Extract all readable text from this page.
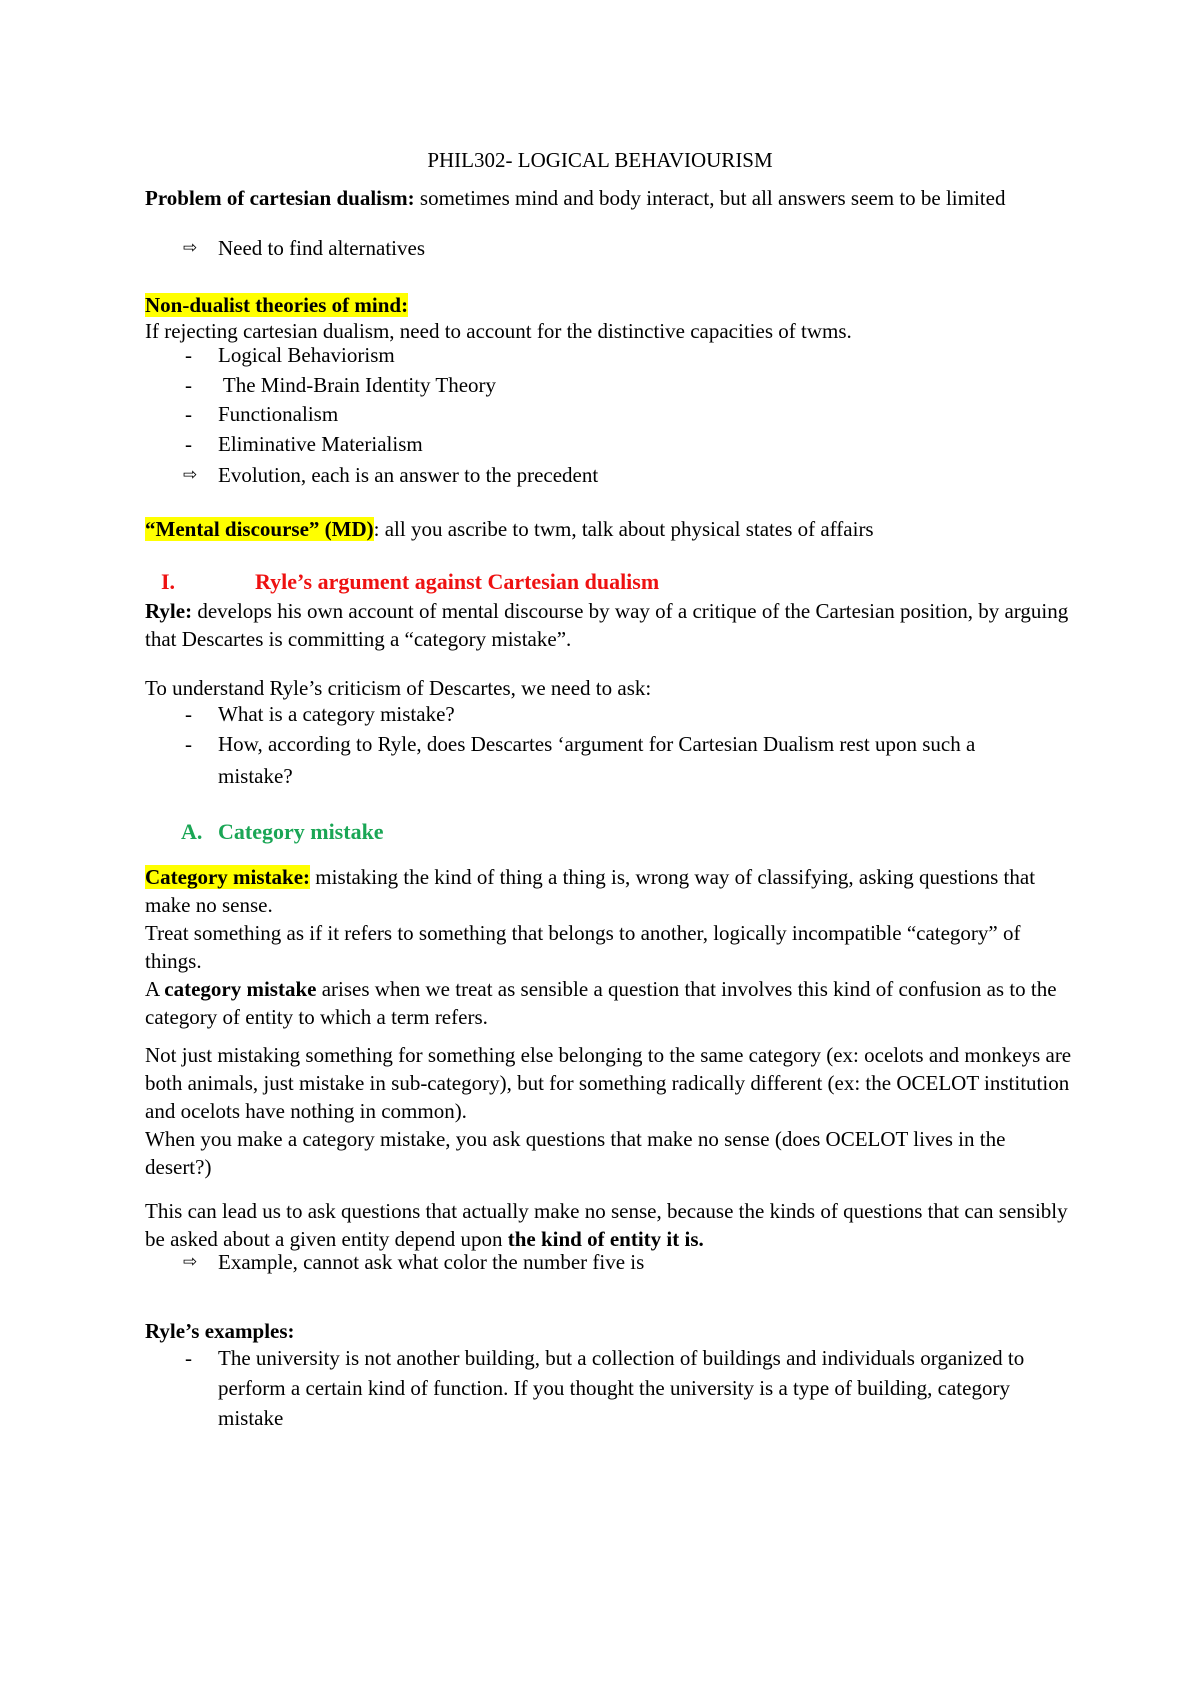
PHIL302- LOGICAL BEHAVIOURISM
Problem of cartesian dualism: sometimes mind and body interact, but all answers seem to be limited
⇨ Need to find alternatives
Non-dualist theories of mind:
If rejecting cartesian dualism, need to account for the distinctive capacities of twms.
- Logical Behaviorism
- The Mind-Brain Identity Theory
- Functionalism
- Eliminative Materialism
⇨ Evolution, each is an answer to the precedent
“Mental discourse” (MD): all you ascribe to twm, talk about physical states of affairs
I.	Ryle’s argument against Cartesian dualism
Ryle: develops his own account of mental discourse by way of a critique of the Cartesian position, by arguing that Descartes is committing a “category mistake”.
To understand Ryle’s criticism of Descartes, we need to ask:
- What is a category mistake?
- How, according to Ryle, does Descartes ‘argument for Cartesian Dualism rest upon such a mistake?
A. Category mistake
Category mistake: mistaking the kind of thing a thing is, wrong way of classifying, asking questions that make no sense.
Treat something as if it refers to something that belongs to another, logically incompatible “category” of things.
A category mistake arises when we treat as sensible a question that involves this kind of confusion as to the category of entity to which a term refers.
Not just mistaking something for something else belonging to the same category (ex: ocelots and monkeys are both animals, just mistake in sub-category), but for something radically different (ex: the OCELOT institution and ocelots have nothing in common).
When you make a category mistake, you ask questions that make no sense (does OCELOT lives in the desert?)
This can lead us to ask questions that actually make no sense, because the kinds of questions that can sensibly be asked about a given entity depend upon the kind of entity it is.
⇨ Example, cannot ask what color the number five is
Ryle’s examples:
- The university is not another building, but a collection of buildings and individuals organized to perform a certain kind of function. If you thought the university is a type of building, category mistake
